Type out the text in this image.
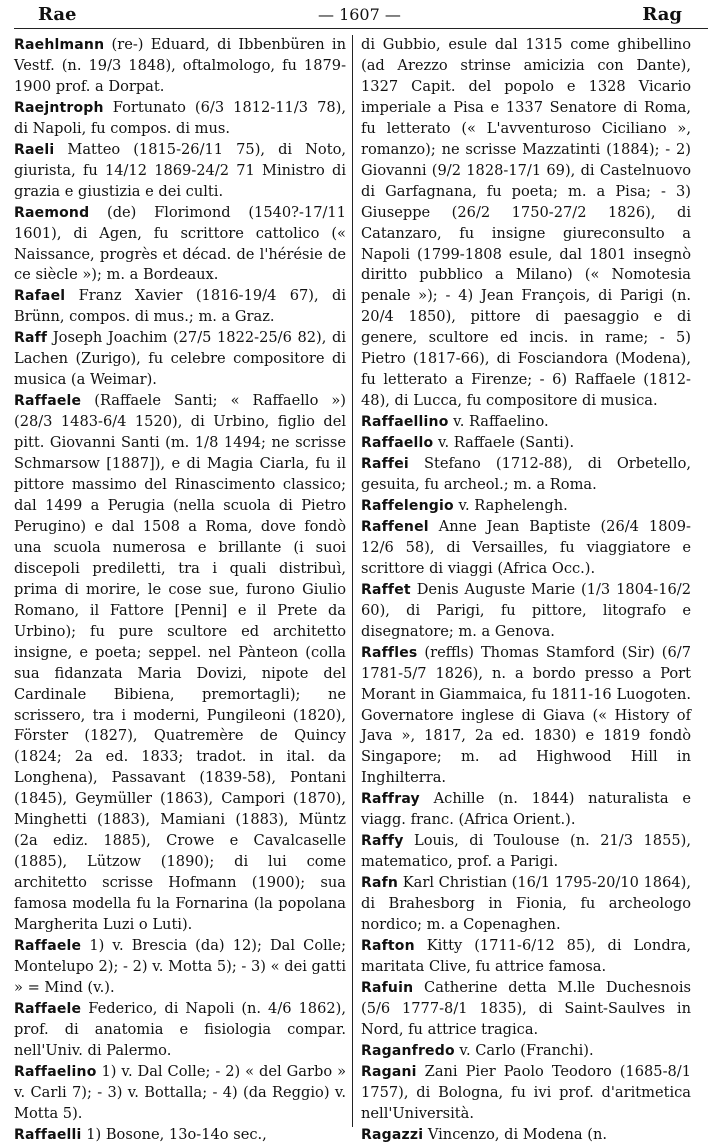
Rae	— 1607 —	Rag

Raehlmann (re-) Eduard, di Ibbenbüren in Vestf. (n. 19/3 1848), oftalmologo, fu 1879-1900 prof. a Dorpat.

Raejntroph Fortunato (6/3 1812-11/3 78), di Napoli, fu compos. di mus.

Raeli Matteo (1815-26/11 75), di Noto, giurista, fu 14/12 1869-24/2 71 Ministro di grazia e giustizia e dei culti.

Raemond (de) Florimond (1540?-17/11 1601), di Agen, fu scrittore cattolico (« Naissance, progrès et décad. de l'hérésie de ce siècle »); m. a Bordeaux.

Rafael Franz Xavier (1816-19/4 67), di Brünn, compos. di mus.; m. a Graz.

Raff Joseph Joachim (27/5 1822-25/6 82), di Lachen (Zurigo), fu celebre compositore di musica (a Weimar).

Raffaele (Raffaele Santi; « Raffaello ») (28/3 1483-6/4 1520), di Urbino, figlio del pitt. Giovanni Santi (m. 1/8 1494; ne scrisse Schmarsow [1887]), e di Magia Ciarla, fu il pittore massimo del Rinascimento classico; dal 1499 a Perugia (nella scuola di Pietro Perugino) e dal 1508 a Roma, dove fondò una scuola numerosa e brillante (i suoi discepoli prediletti, tra i quali distribuì, prima di morire, le cose sue, furono Giulio Romano, il Fattore [Penni] e il Prete da Urbino); fu pure scultore ed architetto insigne, e poeta; seppel. nel Pànteon (colla sua fidanzata Maria Dovizi, nipote del Cardinale Bibiena, premortagli); ne scrissero, tra i moderni, Pungileoni (1820), Förster (1827), Quatremère de Quincy (1824; 2a ed. 1833; tradot. in ital. da Longhena), Passavant (1839-58), Pontani (1845), Geymüller (1863), Campori (1870), Minghetti (1883), Mamiani (1883), Müntz (2a ediz. 1885), Crowe e Cavalcaselle (1885), Lützow (1890); di lui come architetto scrisse Hofmann (1900); sua famosa modella fu la Fornarina (la popolana Margherita Luzi o Luti).

Raffaele 1) v. Brescia (da) 12); Dal Colle; Montelupo 2); - 2) v. Motta 5); - 3) « dei gatti » = Mind (v.).

Raffaele Federico, di Napoli (n. 4/6 1862), prof. di anatomia e fisiologia compar. nell'Univ. di Palermo.

Raffaelino 1) v. Dal Colle; - 2) « del Garbo » v. Carli 7); - 3) v. Bottalla; - 4) (da Reggio) v. Motta 5).

Raffaelli 1) Bosone, 13o-14o sec.,

di Gubbio, esule dal 1315 come ghibellino (ad Arezzo strinse amicizia con Dante), 1327 Capit. del popolo e 1328 Vicario imperiale a Pisa e 1337 Senatore di Roma, fu letterato (« L'avventuroso Ciciliano », romanzo); ne scrisse Mazzatinti (1884); - 2) Giovanni (9/2 1828-17/1 69), di Castelnuovo di Garfagnana, fu poeta; m. a Pisa; - 3) Giuseppe (26/2 1750-27/2 1826), di Catanzaro, fu insigne giureconsulto a Napoli (1799-1808 esule, dal 1801 insegnò diritto pubblico a Milano) (« Nomotesia penale »); - 4) Jean François, di Parigi (n. 20/4 1850), pittore di paesaggio e di genere, scultore ed incis. in rame; - 5) Pietro (1817-66), di Fosciandora (Modena), fu letterato a Firenze; - 6) Raffaele (1812-48), di Lucca, fu compositore di musica.

Raffaellino v. Raffaelino.

Raffaello v. Raffaele (Santi).

Raffei Stefano (1712-88), di Orbetello, gesuita, fu archeol.; m. a Roma.

Raffelengio v. Raphelengh.

Raffenel Anne Jean Baptiste (26/4 1809-12/6 58), di Versailles, fu viaggiatore e scrittore di viaggi (Africa Occ.).

Raffet Denis Auguste Marie (1/3 1804-16/2 60), di Parigi, fu pittore, litografo e disegnatore; m. a Genova.

Raffles (reffls) Thomas Stamford (Sir) (6/7 1781-5/7 1826), n. a bordo presso a Port Morant in Giammaica, fu 1811-16 Luogoten. Governatore inglese di Giava (« History of Java », 1817, 2a ed. 1830) e 1819 fondò Singapore; m. ad Highwood Hill in Inghilterra.

Raffray Achille (n. 1844) naturalista e viagg. franc. (Africa Orient.).

Raffy Louis, di Toulouse (n. 21/3 1855), matematico, prof. a Parigi.

Rafn Karl Christian (16/1 1795-20/10 1864), di Brahesborg in Fionia, fu archeologo nordico; m. a Copenaghen.

Rafton Kitty (1711-6/12 85), di Londra, maritata Clive, fu attrice famosa.

Rafuin Catherine detta M.lle Duchesnois (5/6 1777-8/1 1835), di Saint-Saulves in Nord, fu attrice tragica.

Raganfredo v. Carlo (Franchi).

Ragani Zani Pier Paolo Teodoro (1685-8/1 1757), di Bologna, fu ivi prof. d'aritmetica nell'Università.

Ragazzi Vincenzo, di Modena (n.
